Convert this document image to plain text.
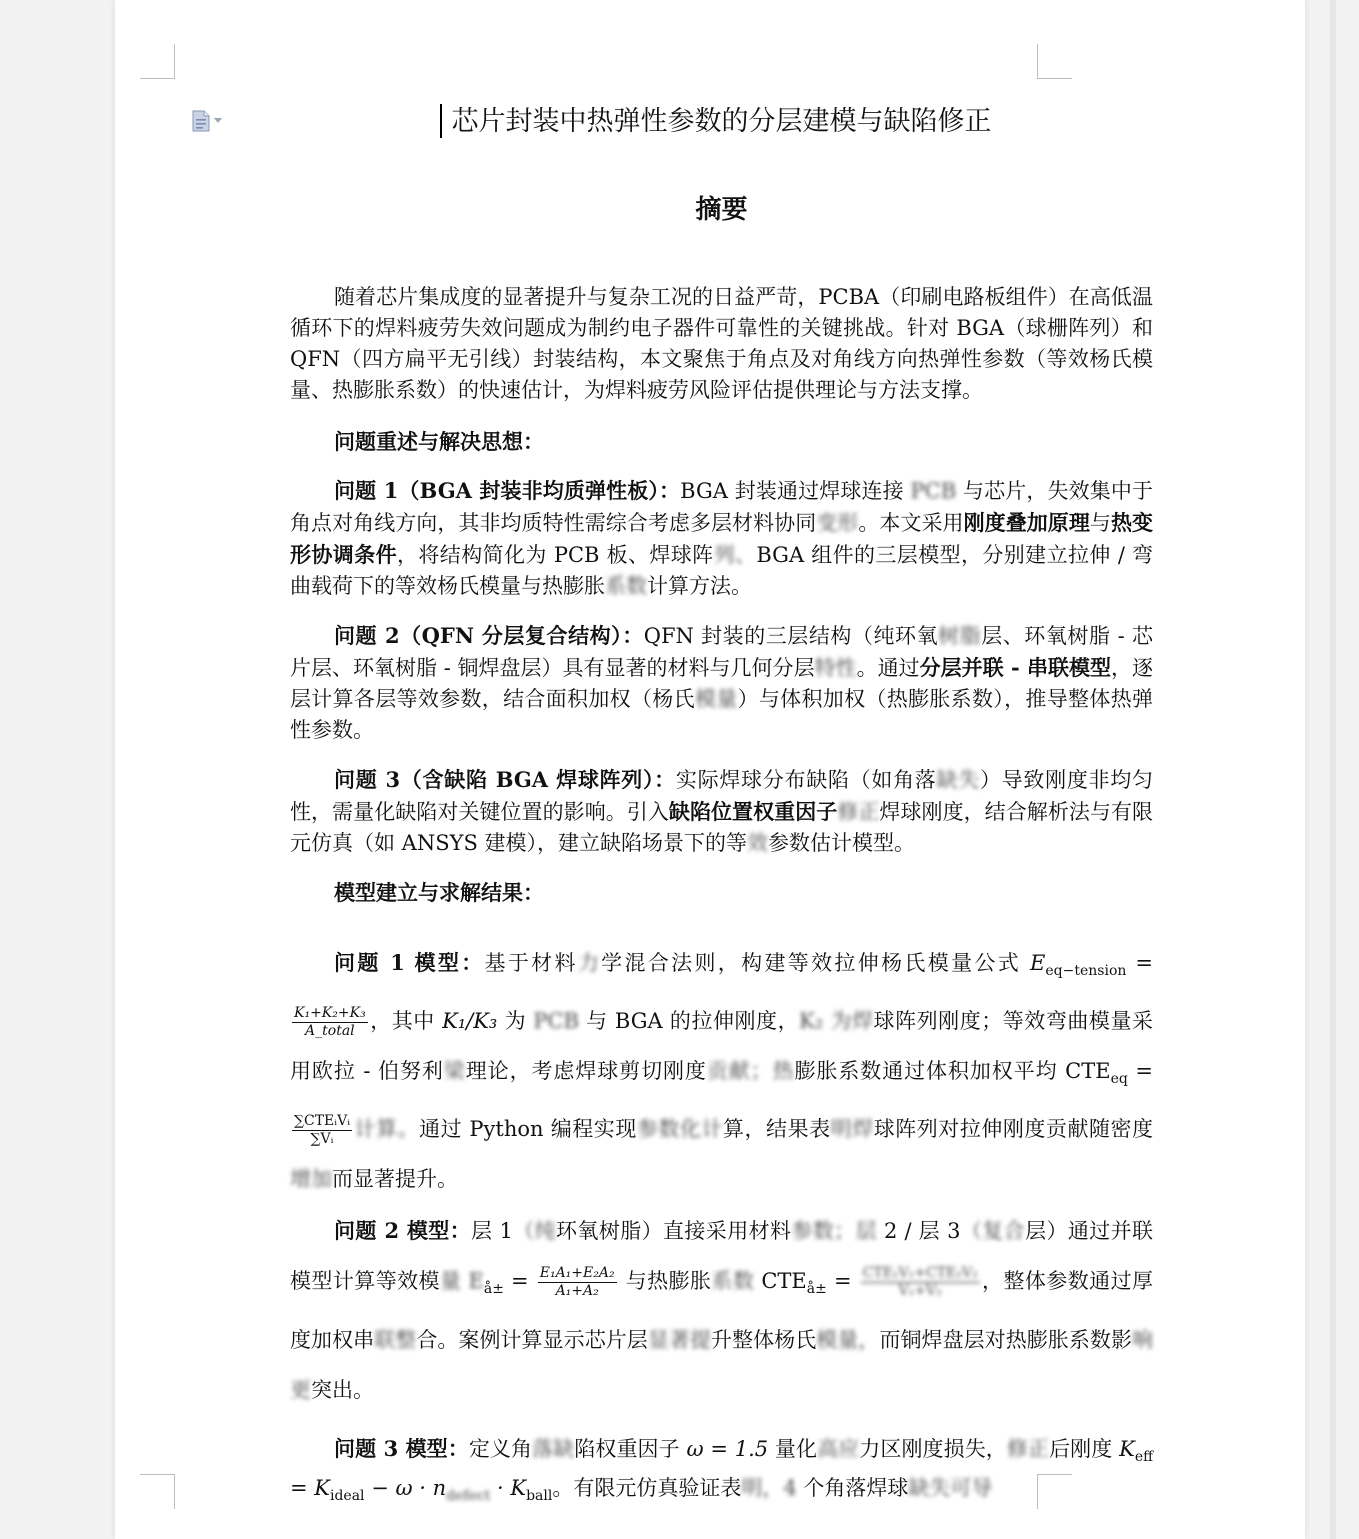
芯片封装中热弹性参数的分层建模与缺陷修正
摘要

随着芯片集成度的显著提升与复杂工况的日益严苛，PCBA（印刷电路板组件）在高低温循环下的焊料疲劳失效问题成为制约电子器件可靠性的关键挑战。针对 BGA（球栅阵列）和 QFN（四方扁平无引线）封装结构，本文聚焦于角点及对角线方向热弹性参数（等效杨氏模量、热膨胀系数）的快速估计，为焊料疲劳风险评估提供理论与方法支撑。

问题重述与解决思想：

问题 1（BGA 封装非均质弹性板）：BGA 封装通过焊球连接 PCB 与芯片，失效集中于角点对角线方向，其非均质特性需综合考虑多层材料协同变形。本文采用刚度叠加原理与热变形协调条件，将结构简化为 PCB 板、焊球阵列、BGA 组件的三层模型，分别建立拉伸 / 弯曲载荷下的等效杨氏模量与热膨胀系数计算方法。

问题 2（QFN 分层复合结构）：QFN 封装的三层结构（纯环氧树脂层、环氧树脂 - 芯片层、环氧树脂 - 铜焊盘层）具有显著的材料与几何分层特性。通过分层并联 - 串联模型，逐层计算各层等效参数，结合面积加权（杨氏模量）与体积加权（热膨胀系数），推导整体热弹性参数。

问题 3（含缺陷 BGA 焊球阵列）：实际焊球分布缺陷（如角落缺失）导致刚度非均匀性，需量化缺陷对关键位置的影响。引入缺陷位置权重因子修正焊球刚度，结合解析法与有限元仿真（如 ANSYS 建模），建立缺陷场景下的等效参数估计模型。

模型建立与求解结果：

问题 1 模型：基于材料力学混合法则，构建等效拉伸杨氏模量公式 $E_{eq-tension}$ =
$\frac{\text{K₁+K₂+K₃}}{\text{A\_total}}$ ，其中 K₁/K₃ 为 PCB 与 BGA 的拉伸刚度，K₂ 为焊球阵列刚度；等效弯曲模量采用欧拉 - 伯努利梁理论，考虑焊球剪切刚度贡献；热膨胀系数通过体积加权平均 $CTE_{eq}$ =
$\frac{\text{∑CTEᵢVᵢ}}{\text{∑Vᵢ}}$ 计算。通过 Python 编程实现参数化计算，结果表明焊球阵列对拉伸刚度贡献随密度增加而显著提升。

问题 2 模型：层 1（纯环氧树脂）直接采用材料参数；层 2 / 层 3（复合层）通过并联模型计算等效模量 $E_{å\pm} = \frac{\text{E₁A₁+E₂A₂}}{\text{A₁+A₂}}$ 与热膨胀系数 $CTE_{å\pm} = \frac{\text{CTE₁V₁+CTE₂V₂}}{\text{V₁+V₂}}$ ，整体参数通过厚度加权串联整合。案例计算显示芯片层显著提升整体杨氏模量，而铜焊盘层对热膨胀系数影响更突出。

问题 3 模型：定义角落缺陷权重因子 ω = 1.5 量化高应力区刚度损失，修正后刚度 $K_{eff} = K_{ideal} - \omega \cdot n_{defect} \cdot K_{ball}$。有限元仿真验证表明，4 个角落焊球缺失可导
